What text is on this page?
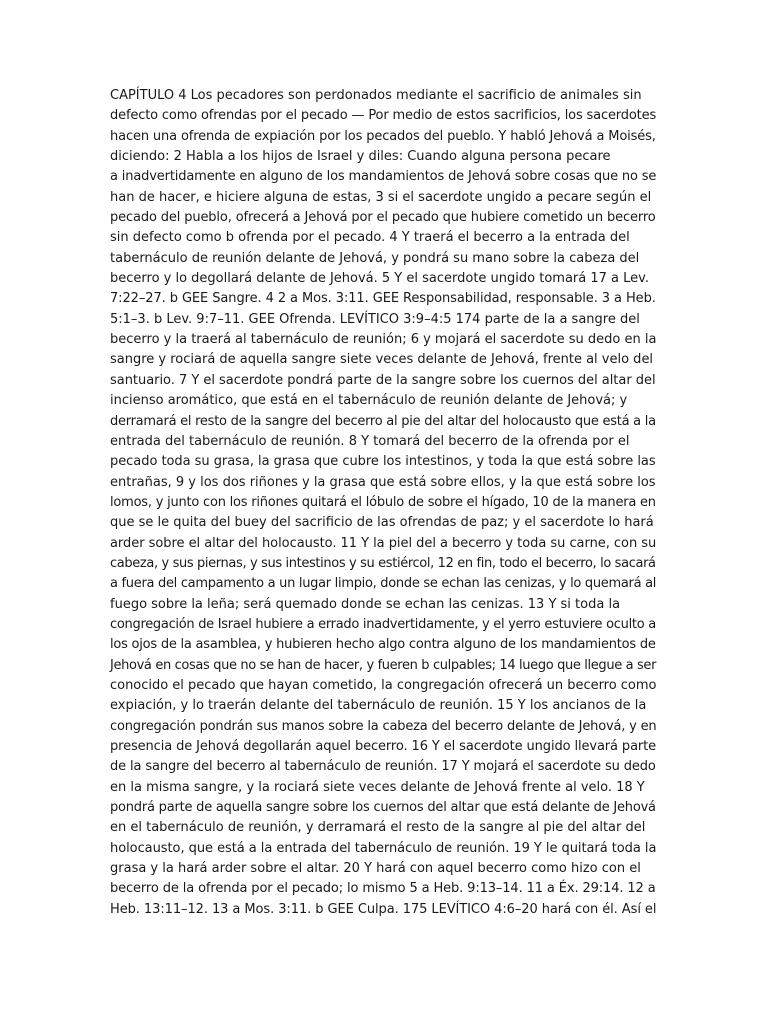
CAPÍTULO 4 Los pecadores son perdonados mediante el sacrificio de animales sin
defecto como ofrendas por el pecado — Por medio de estos sacrificios, los sacerdotes
hacen una ofrenda de expiación por los pecados del pueblo. Y habló Jehová a Moisés,
diciendo: 2 Habla a los hijos de Israel y diles: Cuando alguna persona pecare
a inadvertidamente en alguno de los mandamientos de Jehová sobre cosas que no se
han de hacer, e hiciere alguna de estas, 3 si el sacerdote ungido a pecare según el
pecado del pueblo, ofrecerá a Jehová por el pecado que hubiere cometido un becerro
sin defecto como b ofrenda por el pecado. 4 Y traerá el becerro a la entrada del
tabernáculo de reunión delante de Jehová, y pondrá su mano sobre la cabeza del
becerro y lo degollará delante de Jehová. 5 Y el sacerdote ungido tomará 17 a Lev.
7:22–27. b GEE Sangre. 4 2 a Mos. 3:11. GEE Responsabilidad, responsable. 3 a Heb.
5:1–3. b Lev. 9:7–11. GEE Ofrenda. LEVÍTICO 3:9–4:5 174 parte de la a sangre del
becerro y la traerá al tabernáculo de reunión; 6 y mojará el sacerdote su dedo en la
sangre y rociará de aquella sangre siete veces delante de Jehová, frente al velo del
santuario. 7 Y el sacerdote pondrá parte de la sangre sobre los cuernos del altar del
incienso aromático, que está en el tabernáculo de reunión delante de Jehová; y
derramará el resto de la sangre del becerro al pie del altar del holocausto que está a la
entrada del tabernáculo de reunión. 8 Y tomará del becerro de la ofrenda por el
pecado toda su grasa, la grasa que cubre los intestinos, y toda la que está sobre las
entrañas, 9 y los dos riñones y la grasa que está sobre ellos, y la que está sobre los
lomos, y junto con los riñones quitará el lóbulo de sobre el hígado, 10 de la manera en
que se le quita del buey del sacrificio de las ofrendas de paz; y el sacerdote lo hará
arder sobre el altar del holocausto. 11 Y la piel del a becerro y toda su carne, con su
cabeza, y sus piernas, y sus intestinos y su estiércol, 12 en fin, todo el becerro, lo sacará
a fuera del campamento a un lugar limpio, donde se echan las cenizas, y lo quemará al
fuego sobre la leña; será quemado donde se echan las cenizas. 13 Y si toda la
congregación de Israel hubiere a errado inadvertidamente, y el yerro estuviere oculto a
los ojos de la asamblea, y hubieren hecho algo contra alguno de los mandamientos de
Jehová en cosas que no se han de hacer, y fueren b culpables; 14 luego que llegue a ser
conocido el pecado que hayan cometido, la congregación ofrecerá un becerro como
expiación, y lo traerán delante del tabernáculo de reunión. 15 Y los ancianos de la
congregación pondrán sus manos sobre la cabeza del becerro delante de Jehová, y en
presencia de Jehová degollarán aquel becerro. 16 Y el sacerdote ungido llevará parte
de la sangre del becerro al tabernáculo de reunión. 17 Y mojará el sacerdote su dedo
en la misma sangre, y la rociará siete veces delante de Jehová frente al velo. 18 Y
pondrá parte de aquella sangre sobre los cuernos del altar que está delante de Jehová
en el tabernáculo de reunión, y derramará el resto de la sangre al pie del altar del
holocausto, que está a la entrada del tabernáculo de reunión. 19 Y le quitará toda la
grasa y la hará arder sobre el altar. 20 Y hará con aquel becerro como hizo con el
becerro de la ofrenda por el pecado; lo mismo 5 a Heb. 9:13–14. 11 a Éx. 29:14. 12 a
Heb. 13:11–12. 13 a Mos. 3:11. b GEE Culpa. 175 LEVÍTICO 4:6–20 hará con él. Así el
